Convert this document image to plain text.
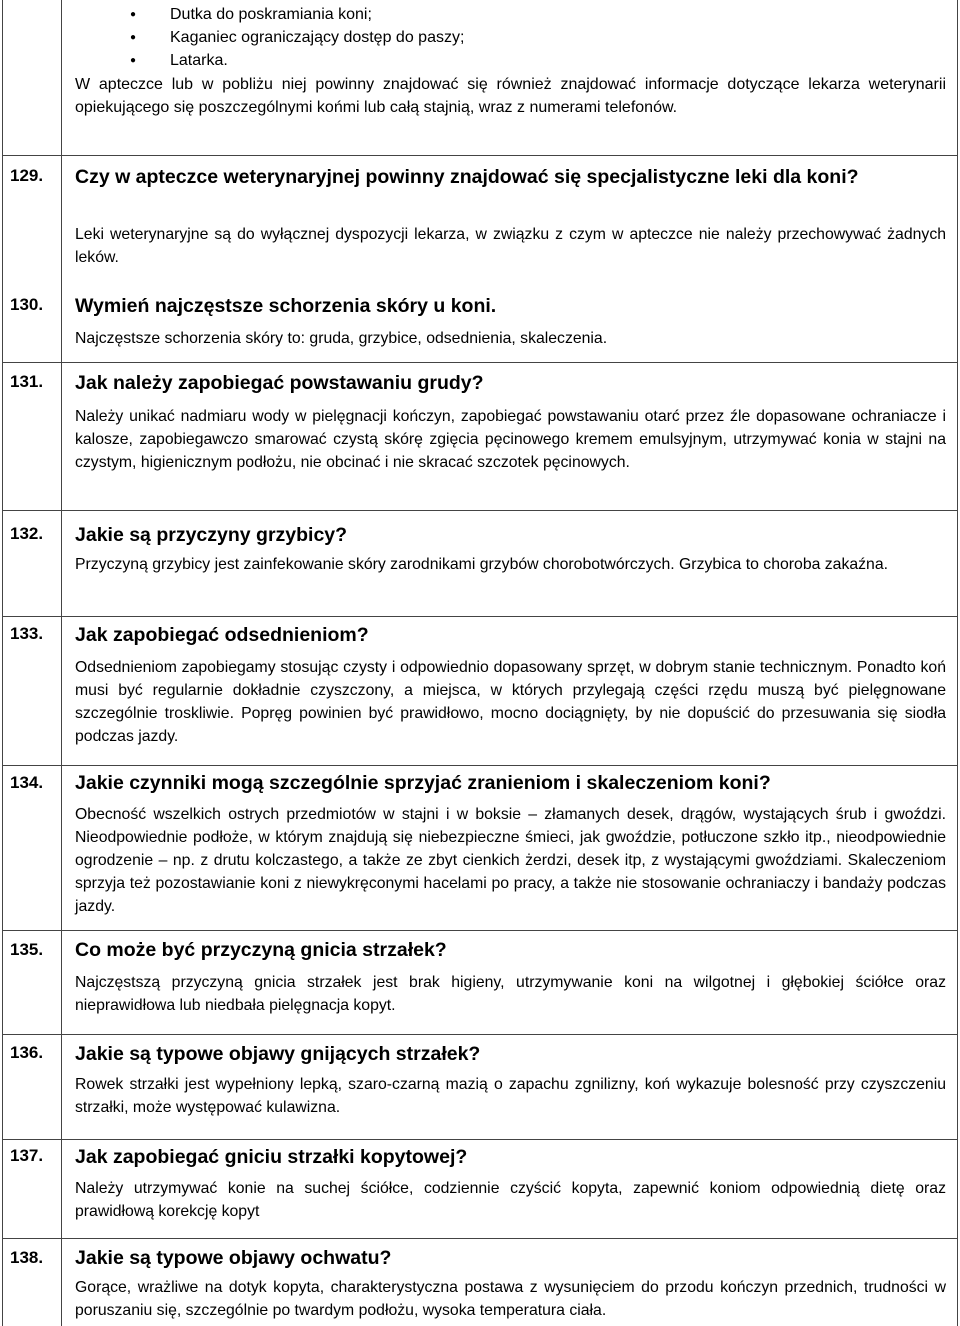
● Dutka do poskramiania koni;
● Kaganiec ograniczający dostęp do paszy;
● Latarka.
W apteczce lub w pobliżu niej powinny znajdować się również znajdować informacje dotyczące lekarza weterynarii opiekującego się poszczególnymi końmi lub całą stajnią, wraz z numerami telefonów.
129. Czy w apteczce weterynaryjnej powinny znajdować się specjalistyczne leki dla koni?
Leki weterynaryjne są do wyłącznej dyspozycji lekarza, w związku z czym w apteczce nie należy przechowywać żadnych leków.
130. Wymień najczęstsze schorzenia skóry u koni.
Najczęstsze schorzenia skóry to: gruda, grzybice, odsednienia, skaleczenia.
131. Jak należy zapobiegać powstawaniu grudy?
Należy unikać nadmiaru wody w pielęgnacji kończyn, zapobiegać powstawaniu otarć przez źle dopasowane ochraniacze i kalosze, zapobiegawczo smarować czystą skórę zgięcia pęcinowego kremem emulsyjnym, utrzymywać konia w stajni na czystym, higienicznym podłożu, nie obcinać i nie skracać szczotek pęcinowych.
132. Jakie są przyczyny grzybicy?
Przyczyną grzybicy jest zainfekowanie skóry zarodnikami grzybów chorobotwórczych. Grzybica to choroba zakaźna.
133. Jak zapobiegać odsednieniom?
Odsednieniom zapobiegamy stosując czysty i odpowiednio dopasowany sprzęt, w dobrym stanie technicznym. Ponadto koń musi być regularnie dokładnie czyszczony, a miejsca, w których przylegają części rzędu muszą być pielęgnowane szczególnie troskliwie. Popręg powinien być prawidłowo, mocno dociągnięty, by nie dopuścić do przesuwania się siodła podczas jazdy.
134. Jakie czynniki mogą szczególnie sprzyjać zranieniom i skaleczeniom koni?
Obecność wszelkich ostrych przedmiotów w stajni i w boksie – złamanych desek, drągów, wystających śrub i gwoździ. Nieodpowiednie podłoże, w którym znajdują się niebezpieczne śmieci, jak gwoździe, potłuczone szkło itp., nieodpowiednie ogrodzenie – np. z drutu kolczastego, a także ze zbyt cienkich żerdzi, desek itp, z wystającymi gwoździami. Skaleczeniom sprzyja też pozostawianie koni z niewykręconymi hacelami po pracy, a także nie stosowanie ochraniaczy i bandaży podczas jazdy.
135. Co może być przyczyną gnicia strzałek?
Najczęstszą przyczyną gnicia strzałek jest brak higieny, utrzymywanie koni na wilgotnej i głębokiej ściółce oraz nieprawidłowa lub niedbała pielęgnacja kopyt.
136. Jakie są typowe objawy gnijących strzałek?
Rowek strzałki jest wypełniony lepką, szaro-czarną mazią o zapachu zgnilizny, koń wykazuje bolesność przy czyszczeniu strzałki, może występować kulawizna.
137. Jak zapobiegać gniciu strzałki kopytowej?
Należy utrzymywać konie na suchej ściółce, codziennie czyścić kopyta, zapewnić koniom odpowiednią dietę oraz prawidłową korekcję kopyt
138. Jakie są typowe objawy ochwatu?
Gorące, wrażliwe na dotyk kopyta, charakterystyczna postawa z wysunięciem do przodu kończyn przednich, trudności w poruszaniu się, szczególnie po twardym podłożu, wysoka temperatura ciała.
